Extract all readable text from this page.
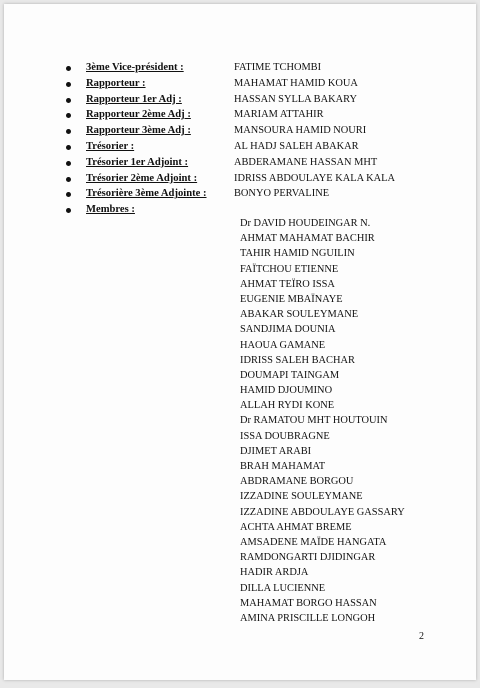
3ème Vice-président :	FATIME TCHOMBI
Rapporteur :	MAHAMAT HAMID KOUA
Rapporteur 1er Adj :	HASSAN SYLLA BAKARY
Rapporteur 2ème Adj :	MARIAM ATTAHIR
Rapporteur 3ème Adj :	MANSOURA HAMID NOURI
Trésorier :	AL HADJ SALEH ABAKAR
Trésorier 1er Adjoint :	ABDERAMANE HASSAN MHT
Trésorier 2ème Adjoint :	IDRISS ABDOULAYE KALA KALA
Trésorière 3ème Adjointe :	BONYO PERVALINE
Membres :
Dr DAVID HOUDEINGAR N.
AHMAT MAHAMAT BACHIR
TAHIR HAMID NGUILIN
FAÏTCHOU ETIENNE
AHMAT TEÏRO ISSA
EUGENIE MBAÏNAYE
ABAKAR SOULEYMANE
SANDJIMA DOUNIA
HAOUA GAMANE
IDRISS SALEH BACHAR
DOUMAPI TAINGAM
HAMID DJOUMINO
ALLAH RYDI KONE
Dr RAMATOU MHT HOUTOUIN
ISSA DOUBRAGNE
DJIMET ARABI
BRAH MAHAMAT
ABDRAMANE BORGOU
IZZADINE SOULEYMANE
IZZADINE ABDOULAYE GASSARY
ACHTA AHMAT BREME
AMSADENE MAÏDE HANGATA
RAMDONGARTI DJIDINGAR
HADIR ARDJA
DILLA LUCIENNE
MAHAMAT BORGO HASSAN
AMINA PRISCILLE LONGOH
2
